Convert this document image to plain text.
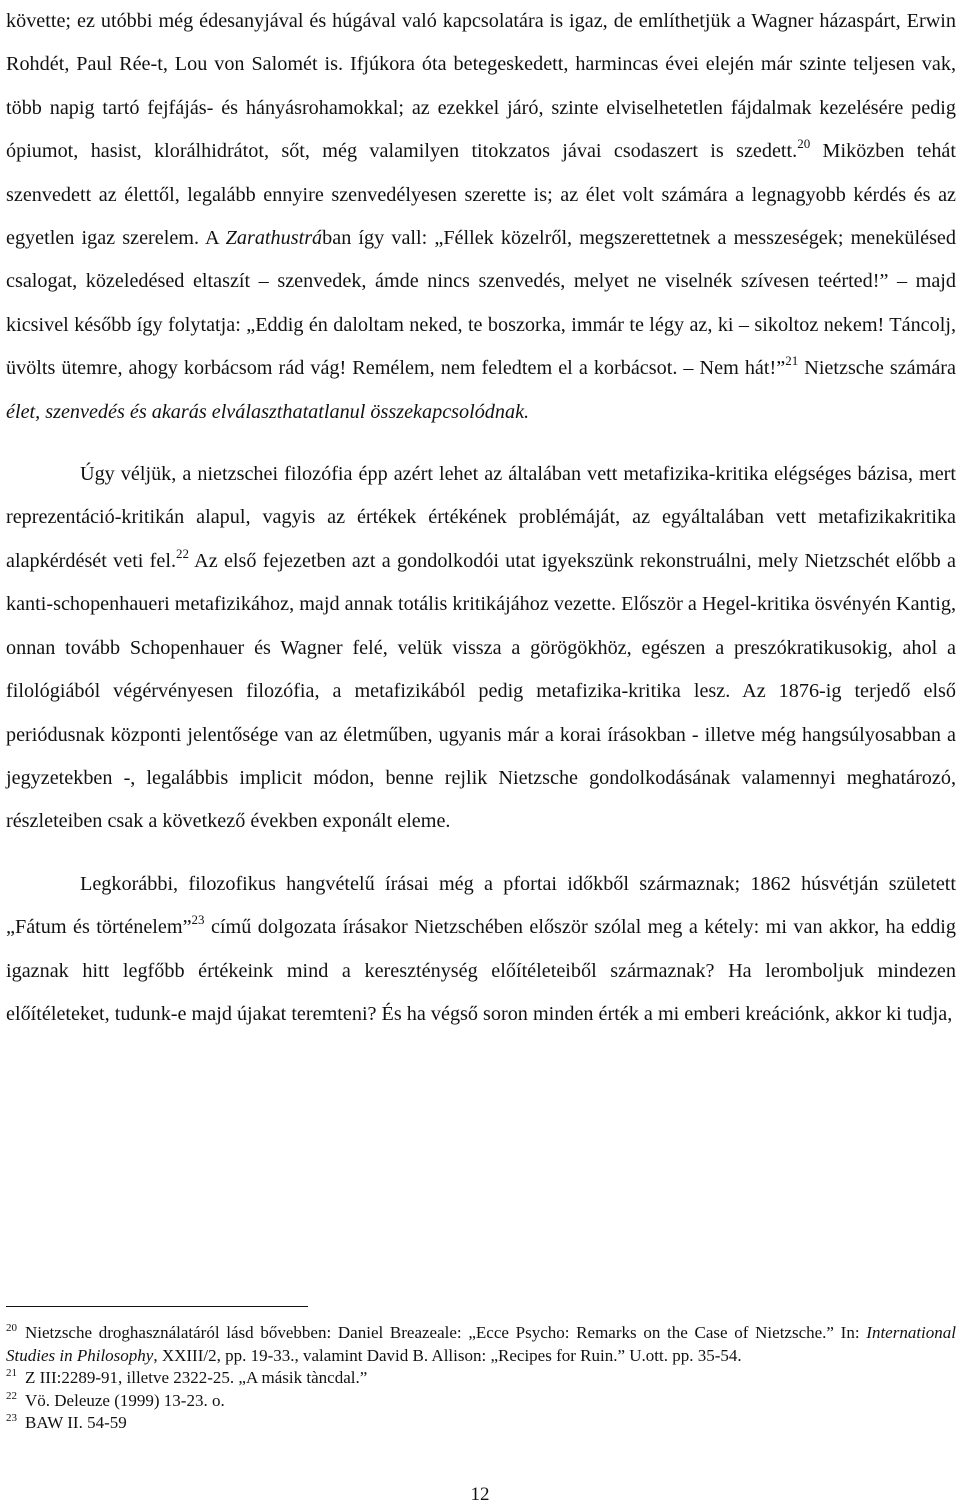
követte; ez utóbbi még édesanyjával és húgával való kapcsolatára is igaz, de említhetjük a Wagner házaspárt, Erwin Rohdét, Paul Rée-t, Lou von Salomét is. Ifjúkora óta betegeskedett, harmincas évei elején már szinte teljesen vak, több napig tartó fejfájás- és hányásrohamokkal; az ezekkel járó, szinte elviselhetetlen fájdalmak kezelésére pedig ópiumot, hasist, klorálhidrátot, sőt, még valamilyen titokzatos jávai csodaszert is szedett.$^{20}$ Miközben tehát szenvedett az élettől, legalább ennyire szenvedélyesen szerette is; az élet volt számára a legnagyobb kérdés és az egyetlen igaz szerelem. A Zarathustrában így vall: „Féllek közelről, megszerettetnek a messzeségek; menekülésed csalogat, közeledésed eltaszít – szenvedek, ámde nincs szenvedés, melyet ne viselnék szívesen teérted!” – majd kicsivel később így folytatja: „Eddig én daloltam neked, te boszorka, immár te légy az, ki – sikoltoz nekem! Táncolj, üvölts ütemre, ahogy korbácsom rád vág! Remélem, nem feledtem el a korbácsot. – Nem hát!”$^{21}$ Nietzsche számára élet, szenvedés és akarás elválaszthatatlanul összekapcsolódnak.

Úgy véljük, a nietzschei filozófia épp azért lehet az általában vett metafizika-kritika elégséges bázisa, mert reprezentáció-kritikán alapul, vagyis az értékek értékének problémáját, az egyáltalában vett metafizikakritika alapkérdését veti fel.$^{22}$ Az első fejezetben azt a gondolkodói utat igyekszünk rekonstruálni, mely Nietzschét előbb a kanti-schopenhaueri metafizikához, majd annak totális kritikájához vezette. Először a Hegel-kritika ösvényén Kantig, onnan tovább Schopenhauer és Wagner felé, velük vissza a görögökhöz, egészen a preszókratikusokig, ahol a filológiából végérvényesen filozófia, a metafizikából pedig metafizika-kritika lesz. Az 1876-ig terjedő első periódusnak központi jelentősége van az életműben, ugyanis már a korai írásokban - illetve még hangsúlyosabban a jegyzetekben -, legalábbis implicit módon, benne rejlik Nietzsche gondolkodásának valamennyi meghatározó, részleteiben csak a következő években exponált eleme.

Legkorábbi, filozofikus hangvételű írásai még a pfortai időkből származnak; 1862 húsvétján született „Fátum és történelem”$^{23}$ című dolgozata írásakor Nietzschében először szólal meg a kétely: mi van akkor, ha eddig igaznak hitt legfőbb értékeink mind a kereszténység előítéleteiből származnak? Ha leromboljuk mindezen előítéleteket, tudunk-e majd újakat teremteni? És ha végső soron minden érték a mi emberi kreációnk, akkor ki tudja,

$^{20}$ Nietzsche droghasználatáról lásd bővebben: Daniel Breazeale: „Ecce Psycho: Remarks on the Case of Nietzsche.” In: International Studies in Philosophy, XXIII/2, pp. 19-33., valamint David B. Allison: „Recipes for Ruin.” U.ott. pp. 35-54.

$^{21}$ Z III:2289-91, illetve 2322-25. „A másik tàncdal.”

$^{22}$ Vö. Deleuze (1999) 13-23. o.

$^{23}$ BAW II. 54-59

12
